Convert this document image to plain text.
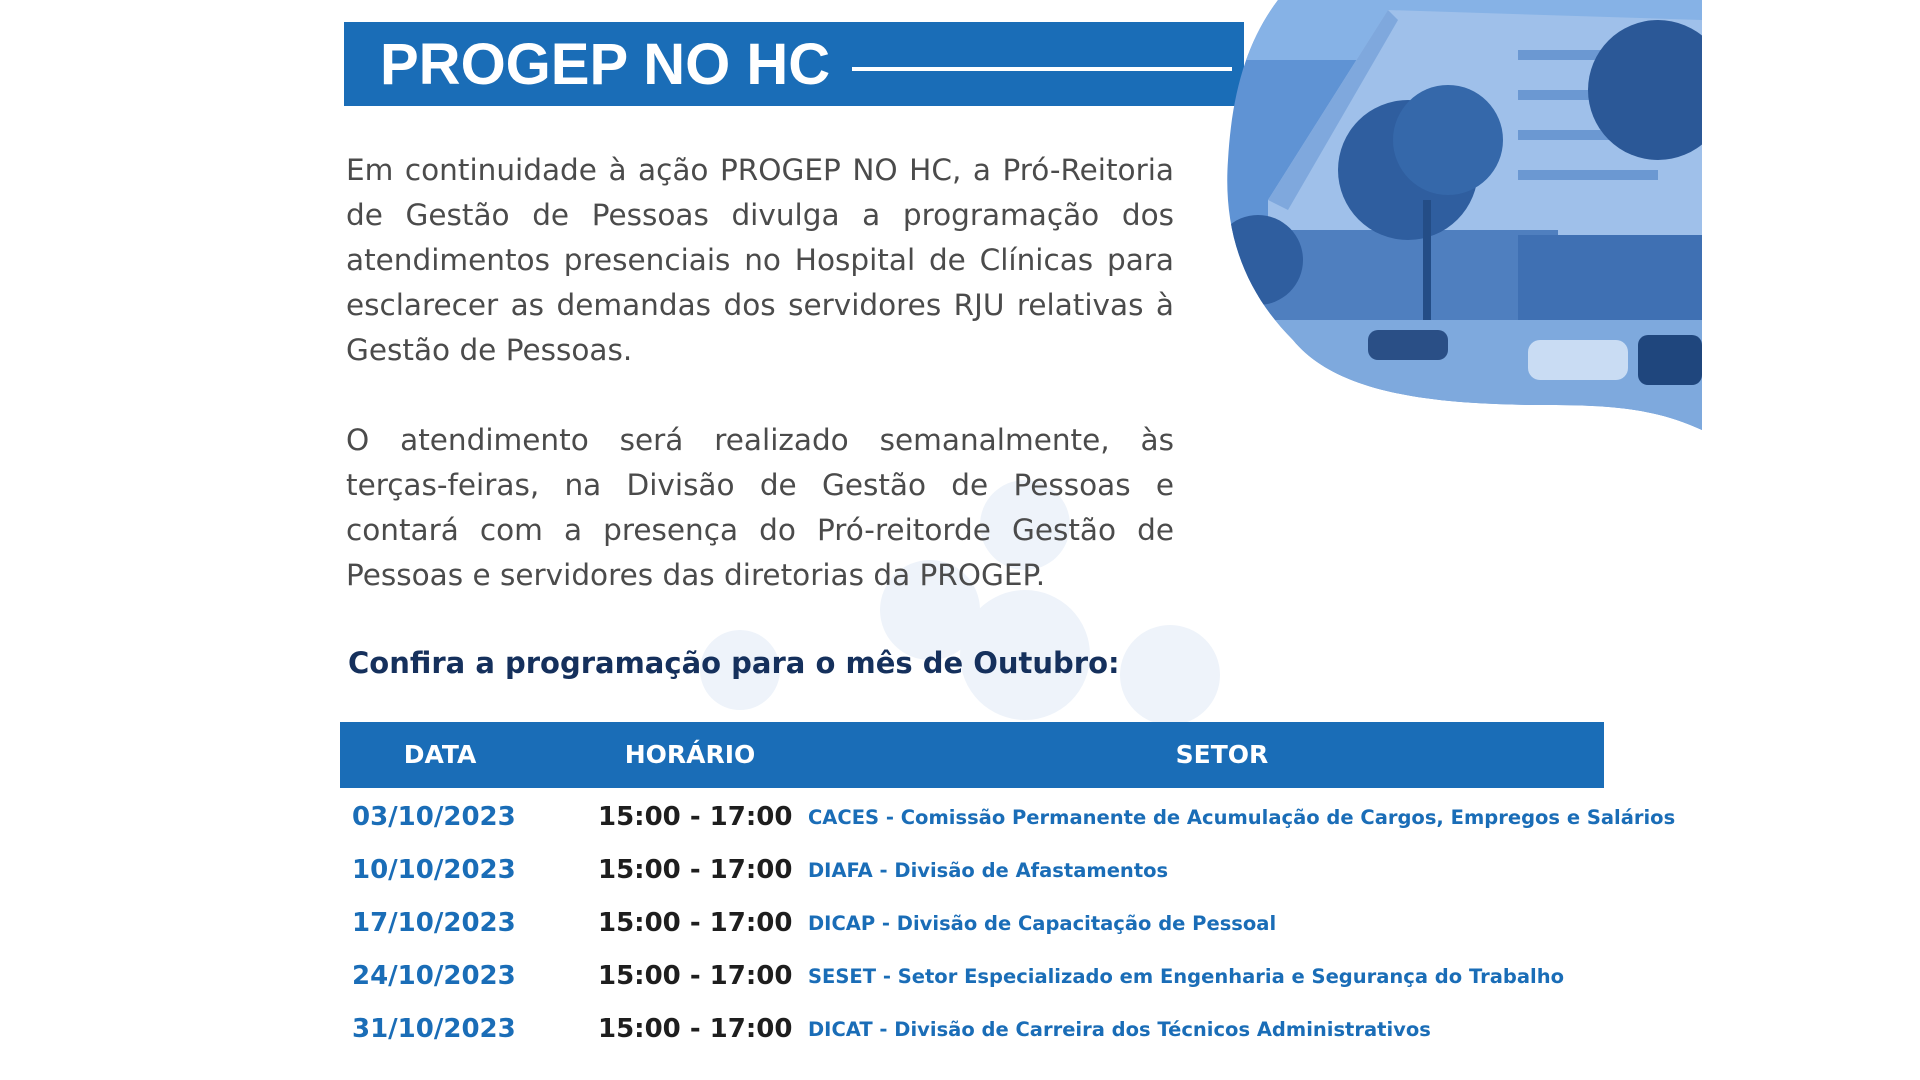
PROGEP NO HC

Em continuidade à ação PROGEP NO HC, a Pró-Reitoria de Gestão de Pessoas divulga a programação dos atendimentos presenciais no Hospital de Clínicas para esclarecer as demandas dos servidores RJU relativas à Gestão de Pessoas.

O atendimento será realizado semanalmente, às terças-feiras, na Divisão de Gestão de Pessoas e contará com a presença do Pró-reitorde Gestão de Pessoas e servidores das diretorias da PROGEP.

Confira a programação para o mês de Outubro:
DATA	HORÁRIO	SETOR
03/10/2023	15:00 - 17:00 CACES - Comissão Permanente de Acumulação de Cargos, Empregos e Salários
10/10/2023	15:00 - 17:00 DIAFA - Divisão de Afastamentos
17/10/2023	15:00 - 17:00 DICAP - Divisão de Capacitação de Pessoal
24/10/2023	15:00 - 17:00 SESET - Setor Especializado em Engenharia e Segurança do Trabalho
31/10/2023	15:00 - 17:00 DICAT - Divisão de Carreira dos Técnicos Administrativos
